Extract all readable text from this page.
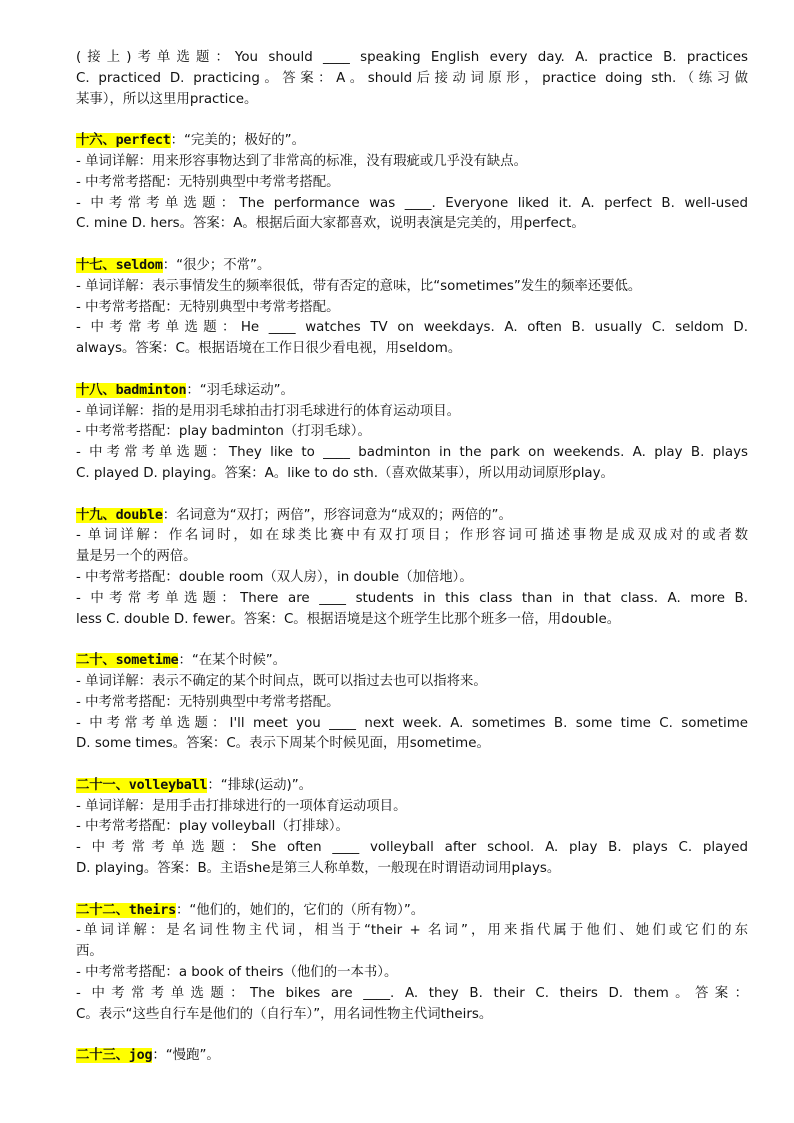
(接上)考单选题：You should ____ speaking English every day. A. practice B. practices
C. practiced D. practicing。答案：A。should后接动词原形，practice doing sth.（练习做
某事），所以这里用practice。
十六、perfect：“完美的；极好的”。
- 单词详解：用来形容事物达到了非常高的标准，没有瑕疵或几乎没有缺点。
- 中考常考搭配：无特别典型中考常考搭配。
- 中考常考单选题：The performance was ____. Everyone liked it. A. perfect B. well-used
C. mine D. hers。答案：A。根据后面大家都喜欢，说明表演是完美的，用perfect。
十七、seldom：“很少；不常”。
- 单词详解：表示事情发生的频率很低，带有否定的意味，比“sometimes”发生的频率还要低。
- 中考常考搭配：无特别典型中考常考搭配。
- 中考常考单选题：He ____ watches TV on weekdays. A. often B. usually C. seldom D.
always。答案：C。根据语境在工作日很少看电视，用seldom。
十八、badminton：“羽毛球运动”。
- 单词详解：指的是用羽毛球拍击打羽毛球进行的体育运动项目。
- 中考常考搭配：play badminton（打羽毛球）。
- 中考常考单选题：They like to ____ badminton in the park on weekends. A. play B. plays
C. played D. playing。答案：A。like to do sth.（喜欢做某事），所以用动词原形play。
十九、double：名词意为“双打；两倍”，形容词意为“成双的；两倍的”。
- 单词详解：作名词时，如在球类比赛中有双打项目；作形容词可描述事物是成双成对的或者数
量是另一个的两倍。
- 中考常考搭配：double room（双人房），in double（加倍地）。
- 中考常考单选题：There are ____ students in this class than in that class. A. more B.
less C. double D. fewer。答案：C。根据语境是这个班学生比那个班多一倍，用double。
二十、sometime：“在某个时候”。
- 单词详解：表示不确定的某个时间点，既可以指过去也可以指将来。
- 中考常考搭配：无特别典型中考常考搭配。
- 中考常考单选题：I'll meet you ____ next week. A. sometimes B. some time C. sometime
D. some times。答案：C。表示下周某个时候见面，用sometime。
二十一、volleyball：“排球(运动)”。
- 单词详解：是用手击打排球进行的一项体育运动项目。
- 中考常考搭配：play volleyball（打排球）。
- 中考常考单选题：She often ____ volleyball after school. A. play B. plays C. played
D. playing。答案：B。主语she是第三人称单数，一般现在时谓语动词用plays。
二十二、theirs：“他们的，她们的，它们的（所有物）”。
-单词详解：是名词性物主代词，相当于“their + 名词”，用来指代属于他们、她们或它们的东
西。
- 中考常考搭配：a book of theirs（他们的一本书）。
- 中考常考单选题：The bikes are ____. A. they B. their C. theirs D. them。答案：
C。表示“这些自行车是他们的（自行车）”，用名词性物主代词theirs。
二十三、jog：“慢跑”。
